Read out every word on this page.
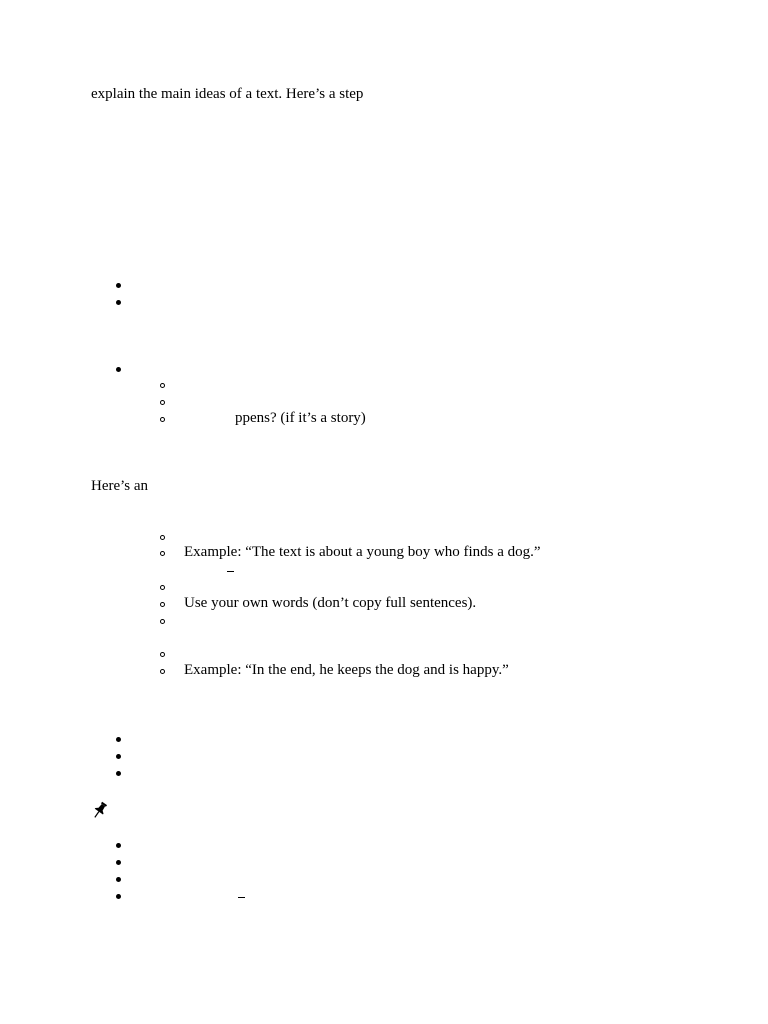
explain the main ideas of a text. Here’s a step
ppens? (if it’s a story)
Here’s an
Example: “The text is about a young boy who finds a dog.”
Use your own words (don’t copy full sentences).
Example: “In the end, he keeps the dog and is happy.”
